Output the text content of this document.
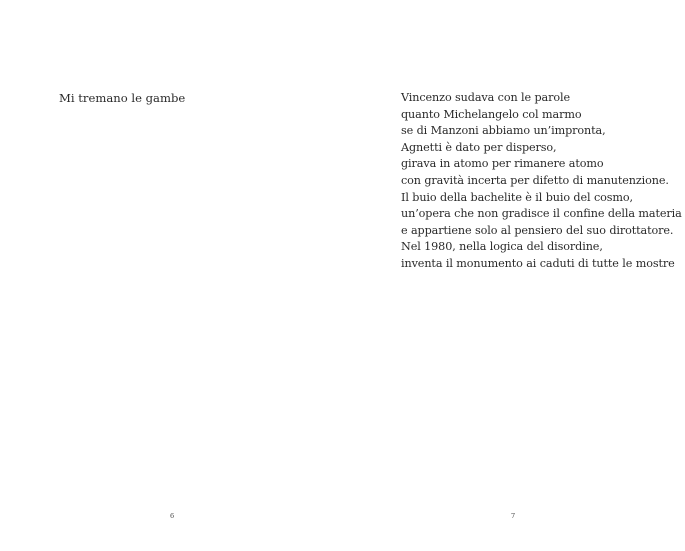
Mi tremano le gambe
6
Vincenzo sudava con le parole
quanto Michelangelo col marmo
se di Manzoni abbiamo un’impronta,
Agnetti è dato per disperso,
girava in atomo per rimanere atomo
con gravità incerta per difetto di manutenzione.
Il buio della bachelite è il buio del cosmo,
un’opera che non gradisce il confine della materia
e appartiene solo al pensiero del suo dirottatore.
Nel 1980, nella logica del disordine,
inventa il monumento ai caduti di tutte le mostre
7
